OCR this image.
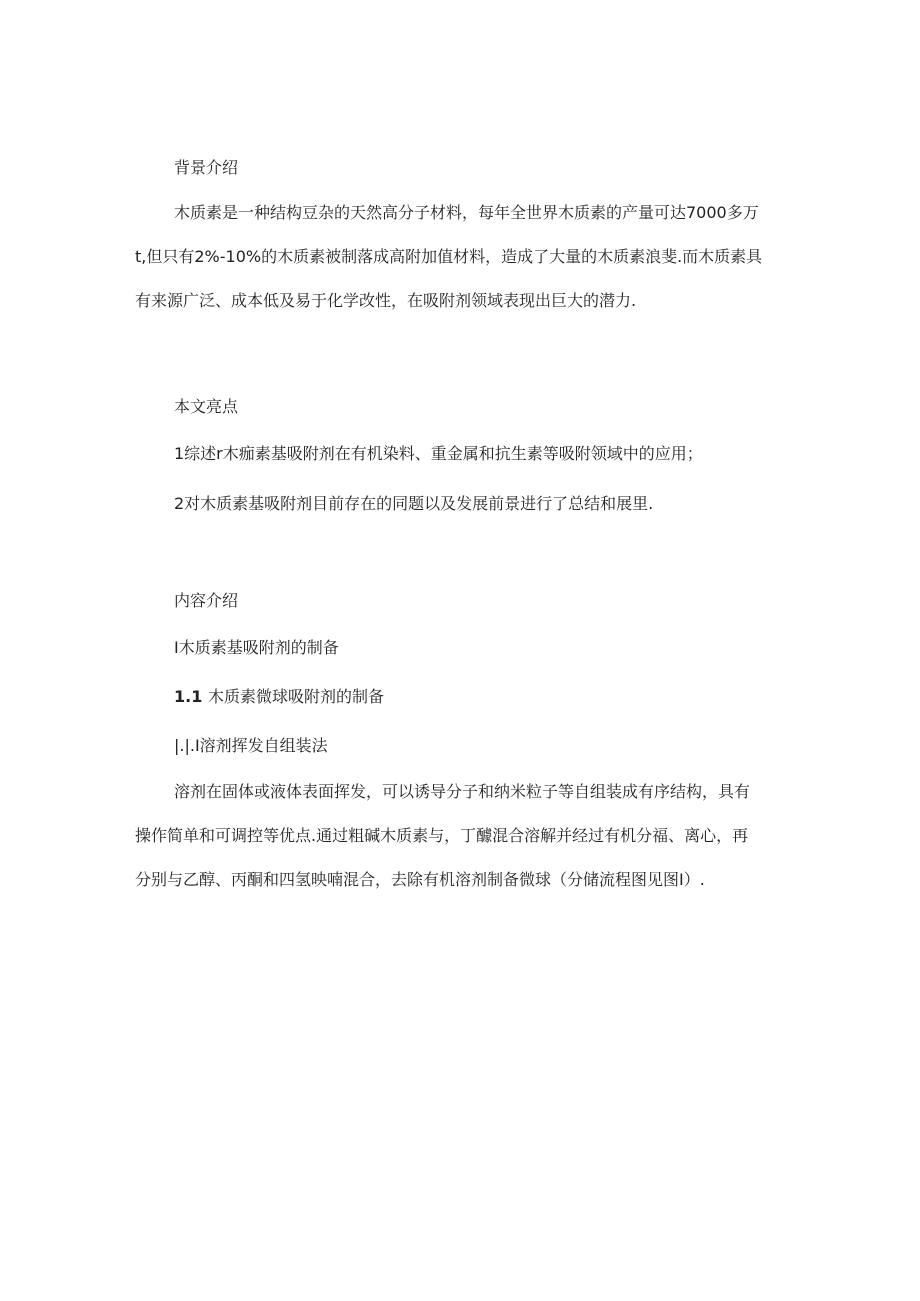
背景介绍
木质素是一种结构豆杂的天然高分子材料，每年全世界木质素的产量可达7000多万
t,但只有2%-10%的木质素被制落成高附加值材料，造成了大量的木质素浪斐.而木质素具
有来源广泛、成本低及易于化学改性，在吸附剂领域表现出巨大的潜力.
本文亮点
1综述r木痂素基吸附剂在有机染料、重金属和抗生素等吸附领域中的应用；
2对木质素基吸附剂目前存在的同题以及发展前景进行了总结和展里.
内容介绍
I木质素基吸附剂的制备
1.1 木质素微球吸附剂的制备
|.|.I溶剂挥发自组装法
溶剂在固体或液体表面挥发，可以诱导分子和纳米粒子等自组装成有序结构，具有
操作简单和可调控等优点.通过粗碱木质素与，丁醵混合溶解并经过有机分福、离心，再
分别与乙醇、丙酮和四氢映喃混合，去除有机溶剂制备微球（分储流程图见图I）.
